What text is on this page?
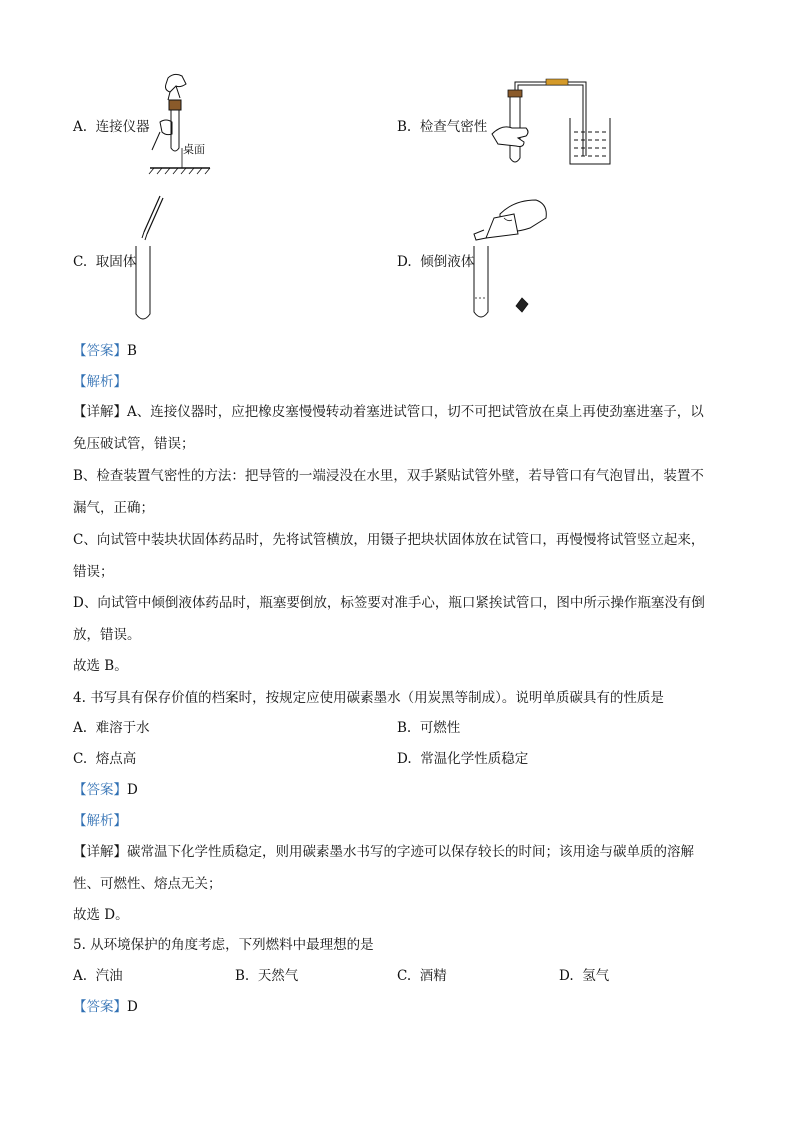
桌面
A. 连接仪器	B. 检查气密性
C. 取固体	D. 倾倒液体
【答案】B
【解析】
【详解】A、连接仪器时，应把橡皮塞慢慢转动着塞进试管口，切不可把试管放在桌上再使劲塞进塞子，以
免压破试管，错误；
B、检查装置气密性的方法：把导管的一端浸没在水里，双手紧贴试管外壁，若导管口有气泡冒出，装置不
漏气，正确；
C、向试管中装块状固体药品时，先将试管横放，用镊子把块状固体放在试管口，再慢慢将试管竖立起来，
错误；
D、向试管中倾倒液体药品时，瓶塞要倒放，标签要对准手心，瓶口紧挨试管口，图中所示操作瓶塞没有倒
放，错误。
故选 B。
4. 书写具有保存价值的档案时，按规定应使用碳素墨水（用炭黑等制成）。说明单质碳具有的性质是
A. 难溶于水	B. 可燃性
C. 熔点高	D. 常温化学性质稳定
【答案】D
【解析】
【详解】碳常温下化学性质稳定，则用碳素墨水书写的字迹可以保存较长的时间；该用途与碳单质的溶解
性、可燃性、熔点无关；
故选 D。
5. 从环境保护的角度考虑，下列燃料中最理想的是
A. 汽油	B. 天然气	C. 酒精	D. 氢气
【答案】D
